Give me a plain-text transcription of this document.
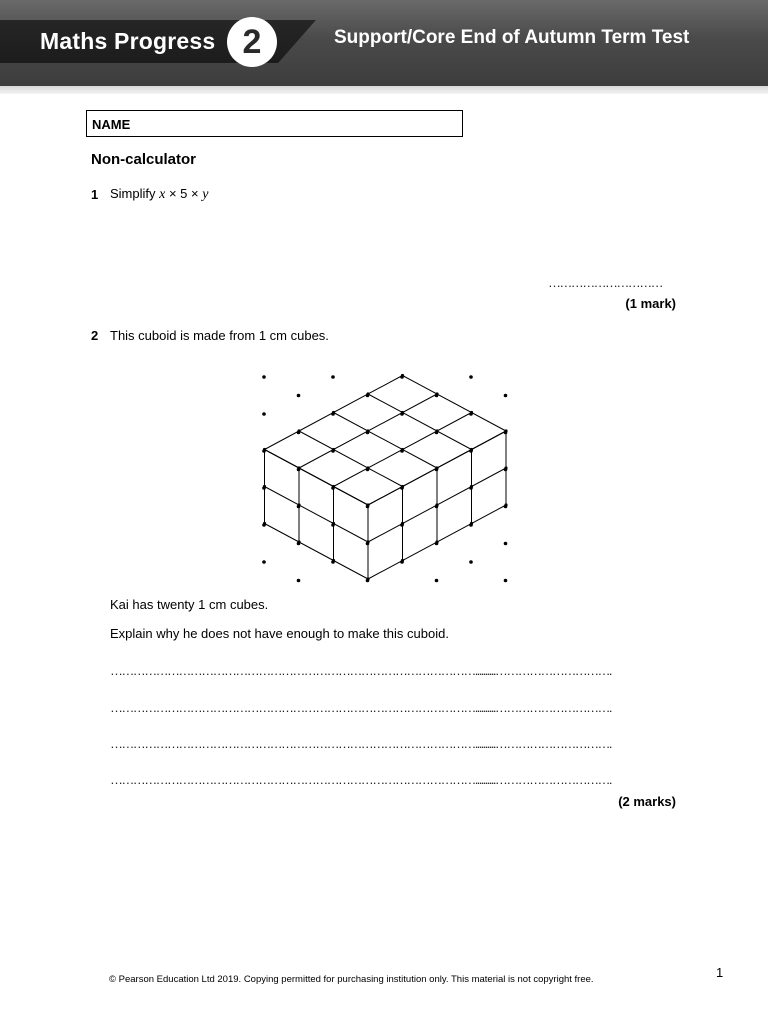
Maths Progress 2	Support/Core End of Autumn Term Test
NAME
Non-calculator
1 Simplify x × 5 × y
…………………………
(1 mark)
2 This cuboid is made from 1 cm cubes.
Kai has twenty 1 cm cubes.
Explain why he does not have enough to make this cuboid.
……………………………………………………………………………………..........………………………….
……………………………………………………………………………………..........………………………….
……………………………………………………………………………………..........………………………….
……………………………………………………………………………………..........………………………….
(2 marks)
© Pearson Education Ltd 2019. Copying permitted for purchasing institution only. This material is not copyright free.	1
